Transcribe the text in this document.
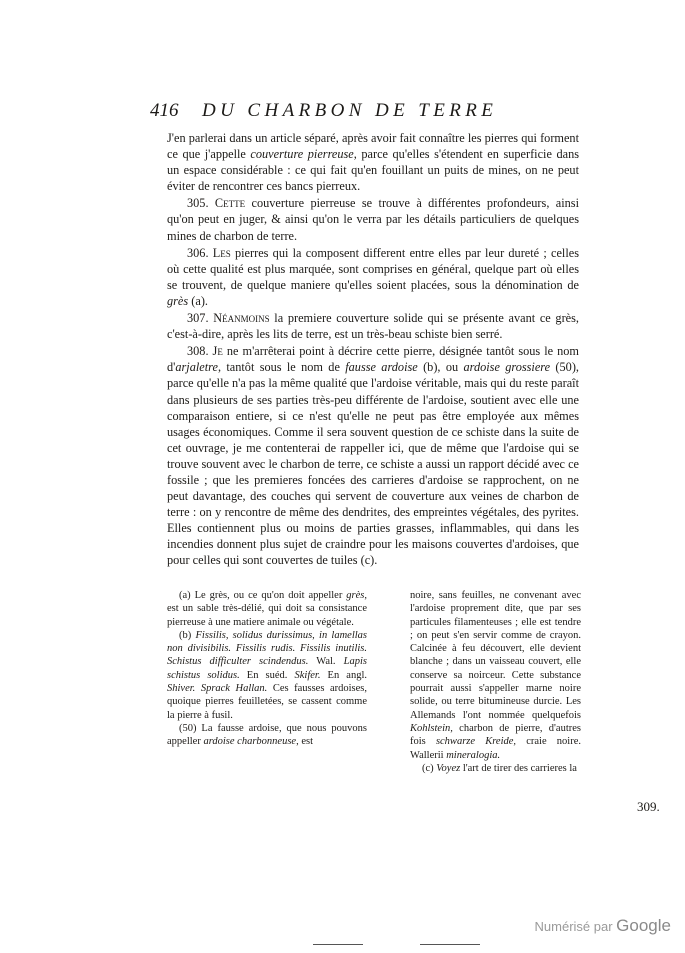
416 DU CHARBON DE TERRE

J'en parlerai dans un article séparé, après avoir fait connaître les pierres qui forment ce que j'appelle couverture pierreuse, parce qu'elles s'étendent en superficie dans un espace considérable : ce qui fait qu'en fouillant un puits de mines, on ne peut éviter de rencontrer ces bancs pierreux.

305. Cette couverture pierreuse se trouve à différentes profondeurs, ainsi qu'on peut en juger, & ainsi qu'on le verra par les détails particuliers de quelques mines de charbon de terre.

306. Les pierres qui la composent different entre elles par leur dureté ; celles où cette qualité est plus marquée, sont comprises en général, quelque part où elles se trouvent, de quelque maniere qu'elles soient placées, sous la dénomination de grès (a).

307. Néanmoins la premiere couverture solide qui se présente avant ce grès, c'est-à-dire, après les lits de terre, est un très-beau schiste bien serré.

308. Je ne m'arrêterai point à décrire cette pierre, désignée tantôt sous le nom d'arjaletre, tantôt sous le nom de fausse ardoise (b), ou ardoise grossiere (50), parce qu'elle n'a pas la même qualité que l'ardoise véritable, mais qui du reste paraît dans plusieurs de ses parties très-peu différente de l'ardoise, soutient avec elle une comparaison entiere, si ce n'est qu'elle ne peut pas être employée aux mêmes usages économiques. Comme il sera souvent question de ce schiste dans la suite de cet ouvrage, je me contenterai de rappeller ici, que de même que l'ardoise qui se trouve souvent avec le charbon de terre, ce schiste a aussi un rapport décidé avec ce fossile ; que les premieres foncées des carrieres d'ardoise se rapprochent, on ne peut davantage, des couches qui servent de couverture aux veines de charbon de terre : on y rencontre de même des dendrites, des empreintes végétales, des pyrites. Elles contiennent plus ou moins de parties grasses, inflammables, qui dans les incendies donnent plus sujet de craindre pour les maisons couvertes d'ardoises, que pour celles qui sont couvertes de tuiles (c).

(a) Le grès, ou ce qu'on doit appeller grès, est un sable très-délié, qui doit sa consistance pierreuse à une matiere animale ou végétale.

(b) Fissilis, solidus durissimus, in lamellas non divisibilis. Fissilis rudis. Fissilis inutilis. Schistus difficulter scindendus. Wal. Lapis schistus solidus. En suéd. Skifer. En angl. Shiver. Sprack Hallan. Ces fausses ardoises, quoique pierres feuilletées, se cassent comme la pierre à fusil.

(50) La fausse ardoise, que nous pouvons appeller ardoise charbonneuse, est

noire, sans feuilles, ne convenant avec l'ardoise proprement dite, que par ses particules filamenteuses ; elle est tendre ; on peut s'en servir comme de crayon. Calcinée à feu découvert, elle devient blanche ; dans un vaisseau couvert, elle conserve sa noirceur. Cette substance pourrait aussi s'appeller marne noire solide, ou terre bitumineuse durcie. Les Allemands l'ont nommée quelquefois Kohlstein, charbon de pierre, d'autres fois schwarze Kreide, craie noire. Wallerii mineralogia.

(c) Voyez l'art de tirer des carrieres la

309.
Numérisé par Google
